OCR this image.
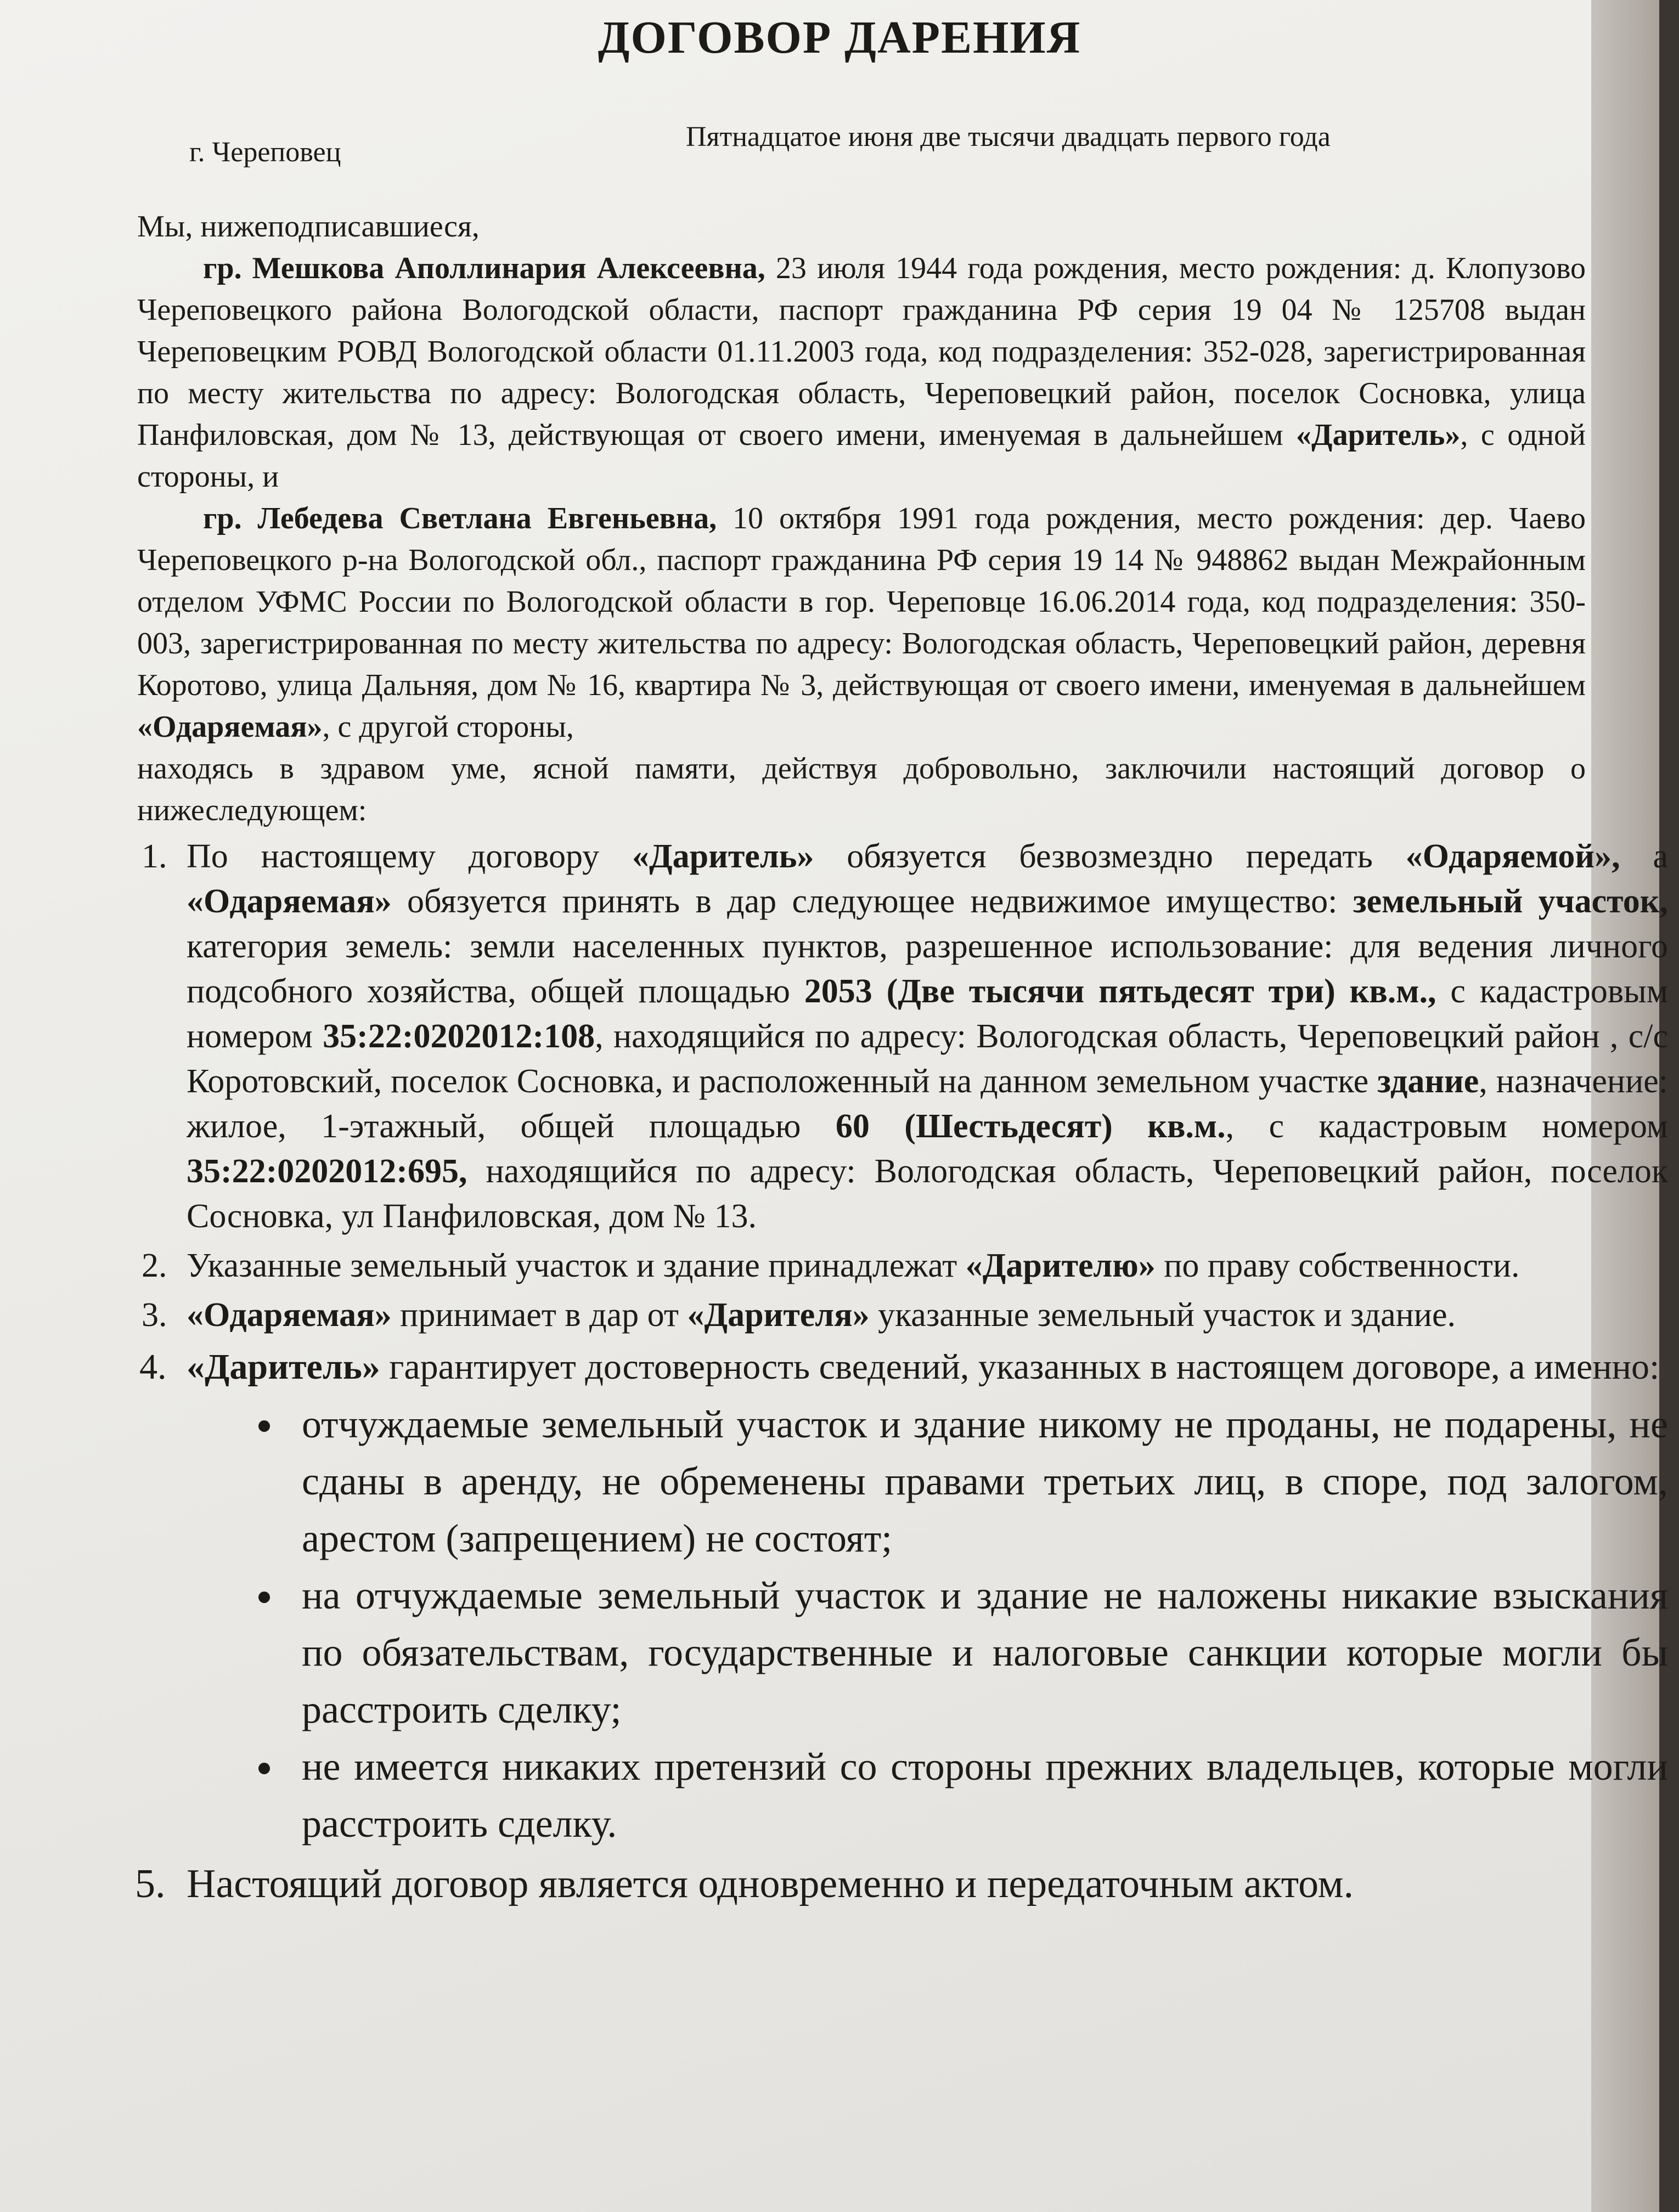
ДОГОВОР ДАРЕНИЯ
г. Череповец	Пятнадцатое июня две тысячи двадцать первого года

Мы, нижеподписавшиеся,

гр. Мешкова Аполлинария Алексеевна, 23 июля 1944 года рождения, место рождения: д. Клопузово Череповецкого района Вологодской области, паспорт гражданина РФ серия 19 04 № 125708 выдан Череповецким РОВД Вологодской области 01.11.2003 года, код подразделения: 352-028, зарегистрированная по месту жительства по адресу: Вологодская область, Череповецкий район, поселок Сосновка, улица Панфиловская, дом № 13, действующая от своего имени, именуемая в дальнейшем «Даритель», с одной стороны, и

гр. Лебедева Светлана Евгеньевна, 10 октября 1991 года рождения, место рождения: дер. Чаево Череповецкого р-на Вологодской обл., паспорт гражданина РФ серия 19 14 № 948862 выдан Межрайонным отделом УФМС России по Вологодской области в гор. Череповце 16.06.2014 года, код подразделения: 350-003, зарегистрированная по месту жительства по адресу: Вологодская область, Череповецкий район, деревня Коротово, улица Дальняя, дом № 16, квартира № 3, действующая от своего имени, именуемая в дальнейшем «Одаряемая», с другой стороны,

находясь в здравом уме, ясной памяти, действуя добровольно, заключили настоящий договор о нижеследующем:

1. По настоящему договору «Даритель» обязуется безвозмездно передать «Одаряемой», а «Одаряемая» обязуется принять в дар следующее недвижимое имущество: земельный участок, категория земель: земли населенных пунктов, разрешенное использование: для ведения личного подсобного хозяйства, общей площадью 2053 (Две тысячи пятьдесят три) кв.м., с кадастровым номером 35:22:0202012:108, находящийся по адресу: Вологодская область, Череповецкий район , с/с Коротовский, поселок Сосновка, и расположенный на данном земельном участке здание, назначение: жилое, 1-этажный, общей площадью 60 (Шестьдесят) кв.м., с кадастровым номером 35:22:0202012:695, находящийся по адресу: Вологодская область, Череповецкий район, поселок Сосновка, ул Панфиловская, дом № 13.
2. Указанные земельный участок и здание принадлежат «Дарителю» по праву собственности.
3. «Одаряемая» принимает в дар от «Дарителя» указанные земельный участок и здание.
4. «Даритель» гарантирует достоверность сведений, указанных в настоящем договоре, а именно:
• отчуждаемые земельный участок и здание никому не проданы, не подарены, не сданы в аренду, не обременены правами третьих лиц, в споре, под залогом, арестом (запрещением) не состоят;
• на отчуждаемые земельный участок и здание не наложены никакие взыскания по обязательствам, государственные и налоговые санкции которые могли бы расстроить сделку;
• не имеется никаких претензий со стороны прежних владельцев, которые могли расстроить сделку.
5. Настоящий договор является одновременно и передаточным актом.
